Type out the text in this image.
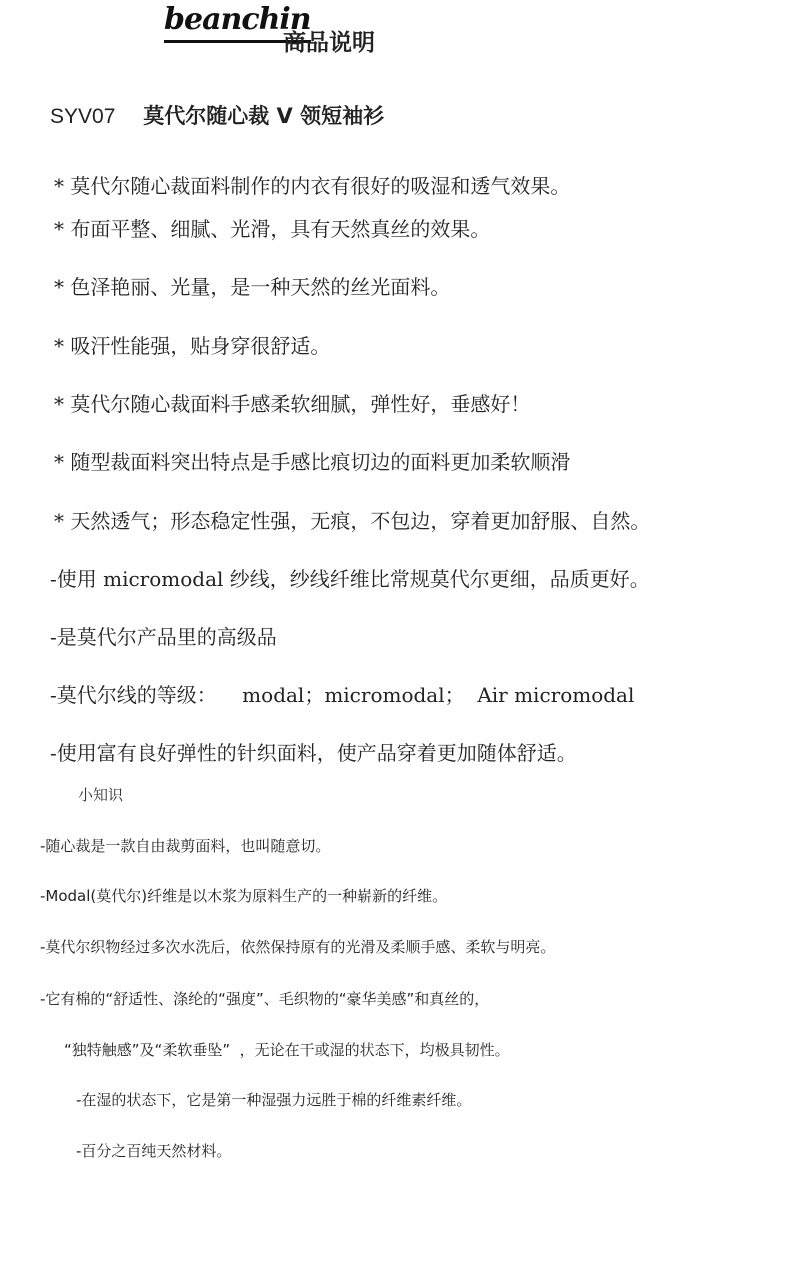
beanchin
商品说明
SYV07 莫代尔随心裁 V 领短袖衫
* 莫代尔随心裁面料制作的内衣有很好的吸湿和透气效果。
* 布面平整、细腻、光滑，具有天然真丝的效果。
* 色泽艳丽、光量，是一种天然的丝光面料。
* 吸汗性能强，贴身穿很舒适。
* 莫代尔随心裁面料手感柔软细腻，弹性好，垂感好！
* 随型裁面料突出特点是手感比痕切边的面料更加柔软顺滑
* 天然透气；形态稳定性强，无痕，不包边，穿着更加舒服、自然。
-使用 micromodal 纱线，纱线纤维比常规莫代尔更细，品质更好。
-是莫代尔产品里的高级品
-莫代尔线的等级：    modal；micromodal；  Air micromodal
-使用富有良好弹性的针织面料，使产品穿着更加随体舒适。
小知识
-随心裁是一款自由裁剪面料，也叫随意切。
-Modal(莫代尔)纤维是以木浆为原料生产的一种崭新的纤维。
-莫代尔织物经过多次水洗后，依然保持原有的光滑及柔顺手感、柔软与明亮。
-它有棉的“舒适性、涤纶的“强度”、毛织物的“豪华美感”和真丝的，
“独特触感”及“柔软垂坠”  ，无论在干或湿的状态下，均极具韧性。
-在湿的状态下，它是第一种湿强力远胜于棉的纤维素纤维。
-百分之百纯天然材料。
